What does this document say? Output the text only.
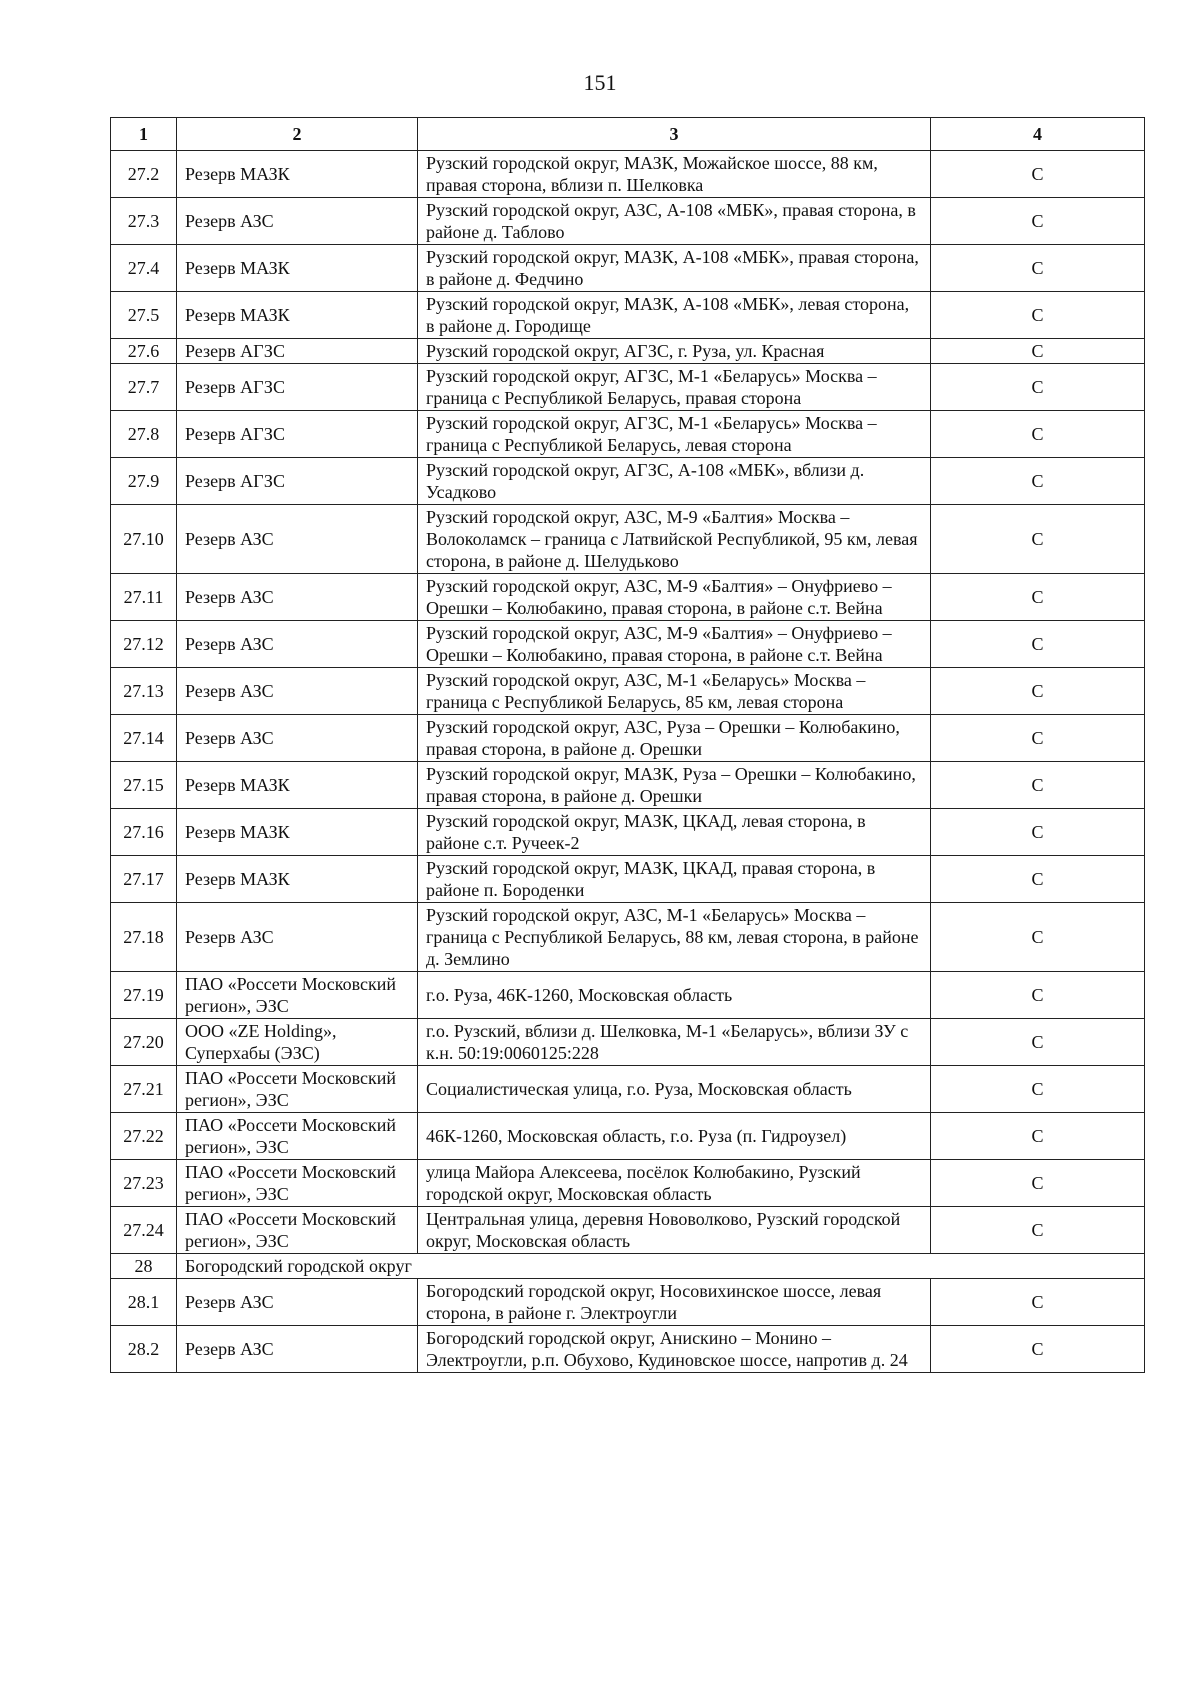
151
1	2	3	4
27.2	Резерв МАЗК	Рузский городской округ, МАЗК, Можайское шоссе, 88 км, правая сторона, вблизи п. Шелковка	С
27.3	Резерв АЗС	Рузский городской округ, АЗС, А-108 «МБК», правая сторона, в районе д. Таблово	С
27.4	Резерв МАЗК	Рузский городской округ, МАЗК, А-108 «МБК», правая сторона, в районе д. Федчино	С
27.5	Резерв МАЗК	Рузский городской округ, МАЗК, А-108 «МБК», левая сторона, в районе д. Городище	С
27.6	Резерв АГЗС	Рузский городской округ, АГЗС, г. Руза, ул. Красная	С
27.7	Резерв АГЗС	Рузский городской округ, АГЗС, М-1 «Беларусь» Москва – граница с Республикой Беларусь, правая сторона	С
27.8	Резерв АГЗС	Рузский городской округ, АГЗС, М-1 «Беларусь» Москва – граница с Республикой Беларусь, левая сторона	С
27.9	Резерв АГЗС	Рузский городской округ, АГЗС, А-108 «МБК», вблизи д. Усадково	С
27.10	Резерв АЗС	Рузский городской округ, АЗС, М-9 «Балтия» Москва – Волоколамск – граница с Латвийской Республикой, 95 км, левая сторона, в районе д. Шелудьково	С
27.11	Резерв АЗС	Рузский городской округ, АЗС, М-9 «Балтия» – Онуфриево – Орешки – Колюбакино, правая сторона, в районе с.т. Вейна	С
27.12	Резерв АЗС	Рузский городской округ, АЗС, М-9 «Балтия» – Онуфриево – Орешки – Колюбакино, правая сторона, в районе с.т. Вейна	С
27.13	Резерв АЗС	Рузский городской округ, АЗС, М-1 «Беларусь» Москва – граница с Республикой Беларусь, 85 км, левая сторона	С
27.14	Резерв АЗС	Рузский городской округ, АЗС, Руза – Орешки – Колюбакино, правая сторона, в районе д. Орешки	С
27.15	Резерв МАЗК	Рузский городской округ, МАЗК, Руза – Орешки – Колюбакино, правая сторона, в районе д. Орешки	С
27.16	Резерв МАЗК	Рузский городской округ, МАЗК, ЦКАД, левая сторона, в районе с.т. Ручеек-2	С
27.17	Резерв МАЗК	Рузский городской округ, МАЗК, ЦКАД, правая сторона, в районе п. Бороденки	С
27.18	Резерв АЗС	Рузский городской округ, АЗС, М-1 «Беларусь» Москва – граница с Республикой Беларусь, 88 км, левая сторона, в районе д. Землино	С
27.19	ПАО «Россети Московский регион», ЭЗС	г.о. Руза, 46К-1260, Московская область	С
27.20	ООО «ZE Holding», Суперхабы (ЭЗС)	г.о. Рузский, вблизи д. Шелковка, М-1 «Беларусь», вблизи ЗУ с к.н. 50:19:0060125:228	С
27.21	ПАО «Россети Московский регион», ЭЗС	Социалистическая улица, г.о. Руза, Московская область	С
27.22	ПАО «Россети Московский регион», ЭЗС	46К-1260, Московская область, г.о. Руза (п. Гидроузел)	С
27.23	ПАО «Россети Московский регион», ЭЗС	улица Майора Алексеева, посёлок Колюбакино, Рузский городской округ, Московская область	С
27.24	ПАО «Россети Московский регион», ЭЗС	Центральная улица, деревня Нововолково, Рузский городской округ, Московская область	С
28	Богородский городской округ		
28.1	Резерв АЗС	Богородский городской округ, Носовихинское шоссе, левая сторона, в районе г. Электроугли	С
28.2	Резерв АЗС	Богородский городской округ, Анискино – Монино – Электроугли, р.п. Обухово, Кудиновское шоссе, напротив д. 24	С
